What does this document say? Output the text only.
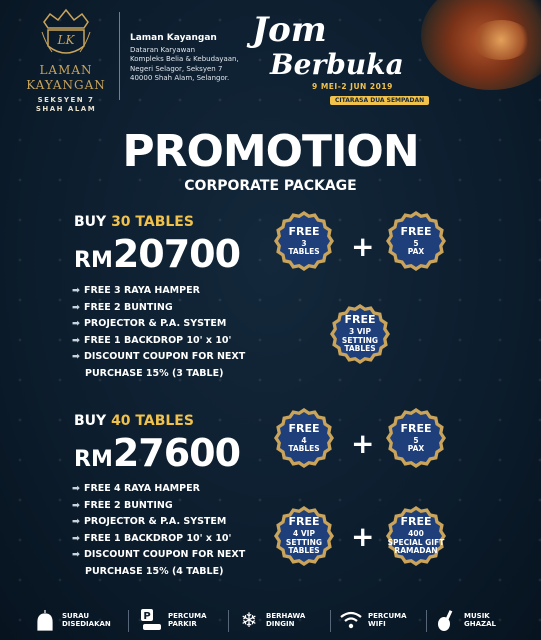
LK
LAMAN
KAYANGAN
SEKSYEN 7
SHAH ALAM
Laman Kayangan
Dataran Karyawan
Kompleks Belia & Kebudayaan,
Negeri Selagor, Seksyen 7
40000 Shah Alam, Selangor.
Jom
Berbuka
9 MEI-2 JUN 2019
CITARASA DUA SEMPADAN
PROMOTION
CORPORATE PACKAGE
BUY 30 TABLES
RM20700
➡ FREE 3 RAYA HAMPER
➡ FREE 2 BUNTING
➡ PROJECTOR & P.A. SYSTEM
➡ FREE 1 BACKDROP 10' x 10'
➡ DISCOUNT COUPON FOR NEXT
PURCHASE 15% (3 TABLE)
FREE
3
TABLES + FREE
5
PAX
FREE
3 VIP
SETTING
TABLES
BUY 40 TABLES
RM27600
➡ FREE 4 RAYA HAMPER
➡ FREE 2 BUNTING
➡ PROJECTOR & P.A. SYSTEM
➡ FREE 1 BACKDROP 10' x 10'
➡ DISCOUNT COUPON FOR NEXT
PURCHASE 15% (4 TABLE)
FREE
4
TABLES + FREE
5
PAX
FREE
4 VIP
SETTING
TABLES + FREE
400
SPECIAL GIFT
RAMADAN
SURAU
DISEDIAKAN
P PERCUMA
PARKIR	❄	BERHAWA
DINGIN
PERCUMA
WIFI
MUSIK
GHAZAL
